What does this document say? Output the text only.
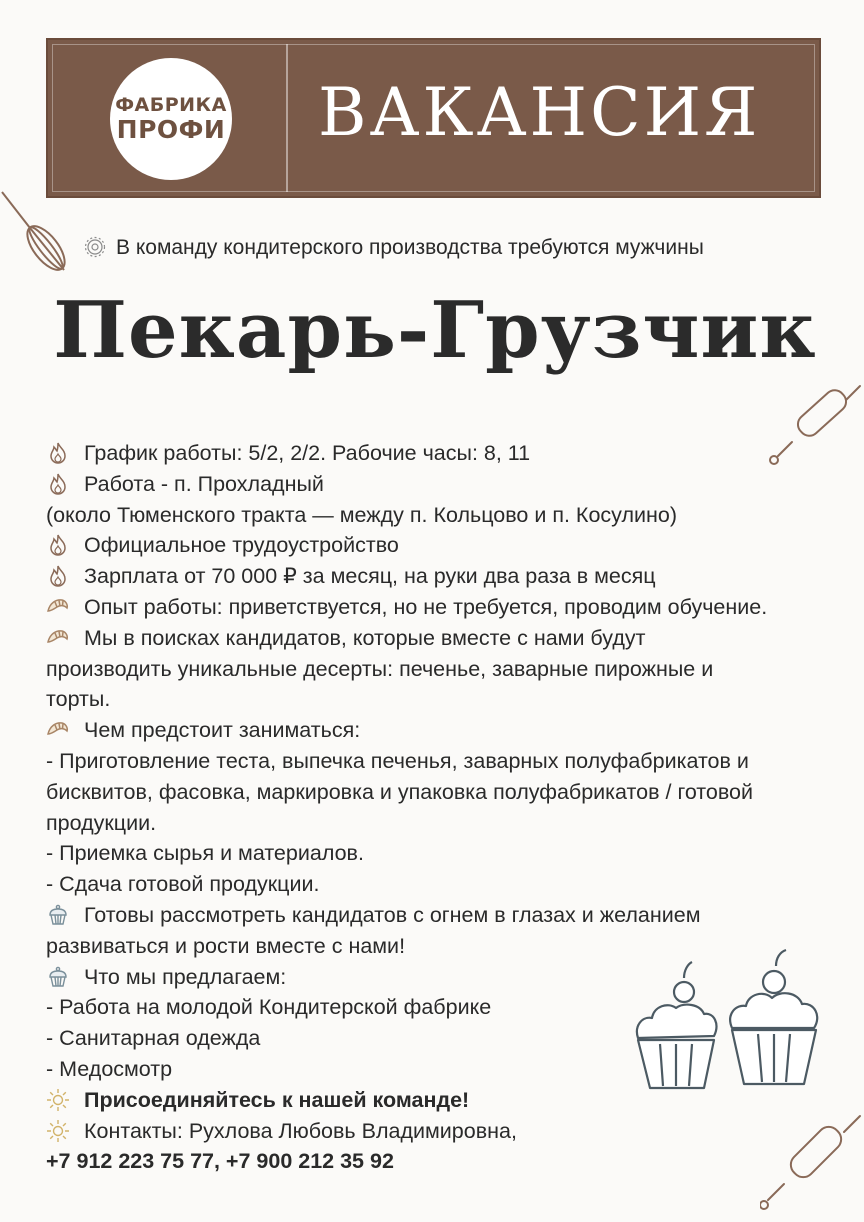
ФАБРИКА
ПРОФИ ВАКАНСИЯ
В команду кондитерского производства требуются мужчины
Пекарь-Грузчик
График работы: 5/2, 2/2. Рабочие часы: 8, 11
Работа - п. Прохладный
(около Тюменского тракта — между п. Кольцово и п. Косулино)
Официальное трудоустройство
Зарплата от 70 000 ₽ за месяц, на руки два раза в месяц
Опыт работы: приветствуется, но не требуется, проводим обучение.
Мы в поисках кандидатов, которые вместе с нами будут
производить уникальные десерты: печенье, заварные пирожные и
торты.
Чем предстоит заниматься:
- Приготовление теста, выпечка печенья, заварных полуфабрикатов и
бисквитов, фасовка, маркировка и упаковка полуфабрикатов / готовой
продукции.
- Приемка сырья и материалов.
- Сдача готовой продукции.
Готовы рассмотреть кандидатов с огнем в глазах и желанием
развиваться и рости вместе с нами!
Что мы предлагаем:
- Работа на молодой Кондитерской фабрике
- Санитарная одежда
- Медосмотр
Присоединяйтесь к нашей команде!
Контакты: Рухлова Любовь Владимировна,
+7 912 223 75 77, +7 900 212 35 92
